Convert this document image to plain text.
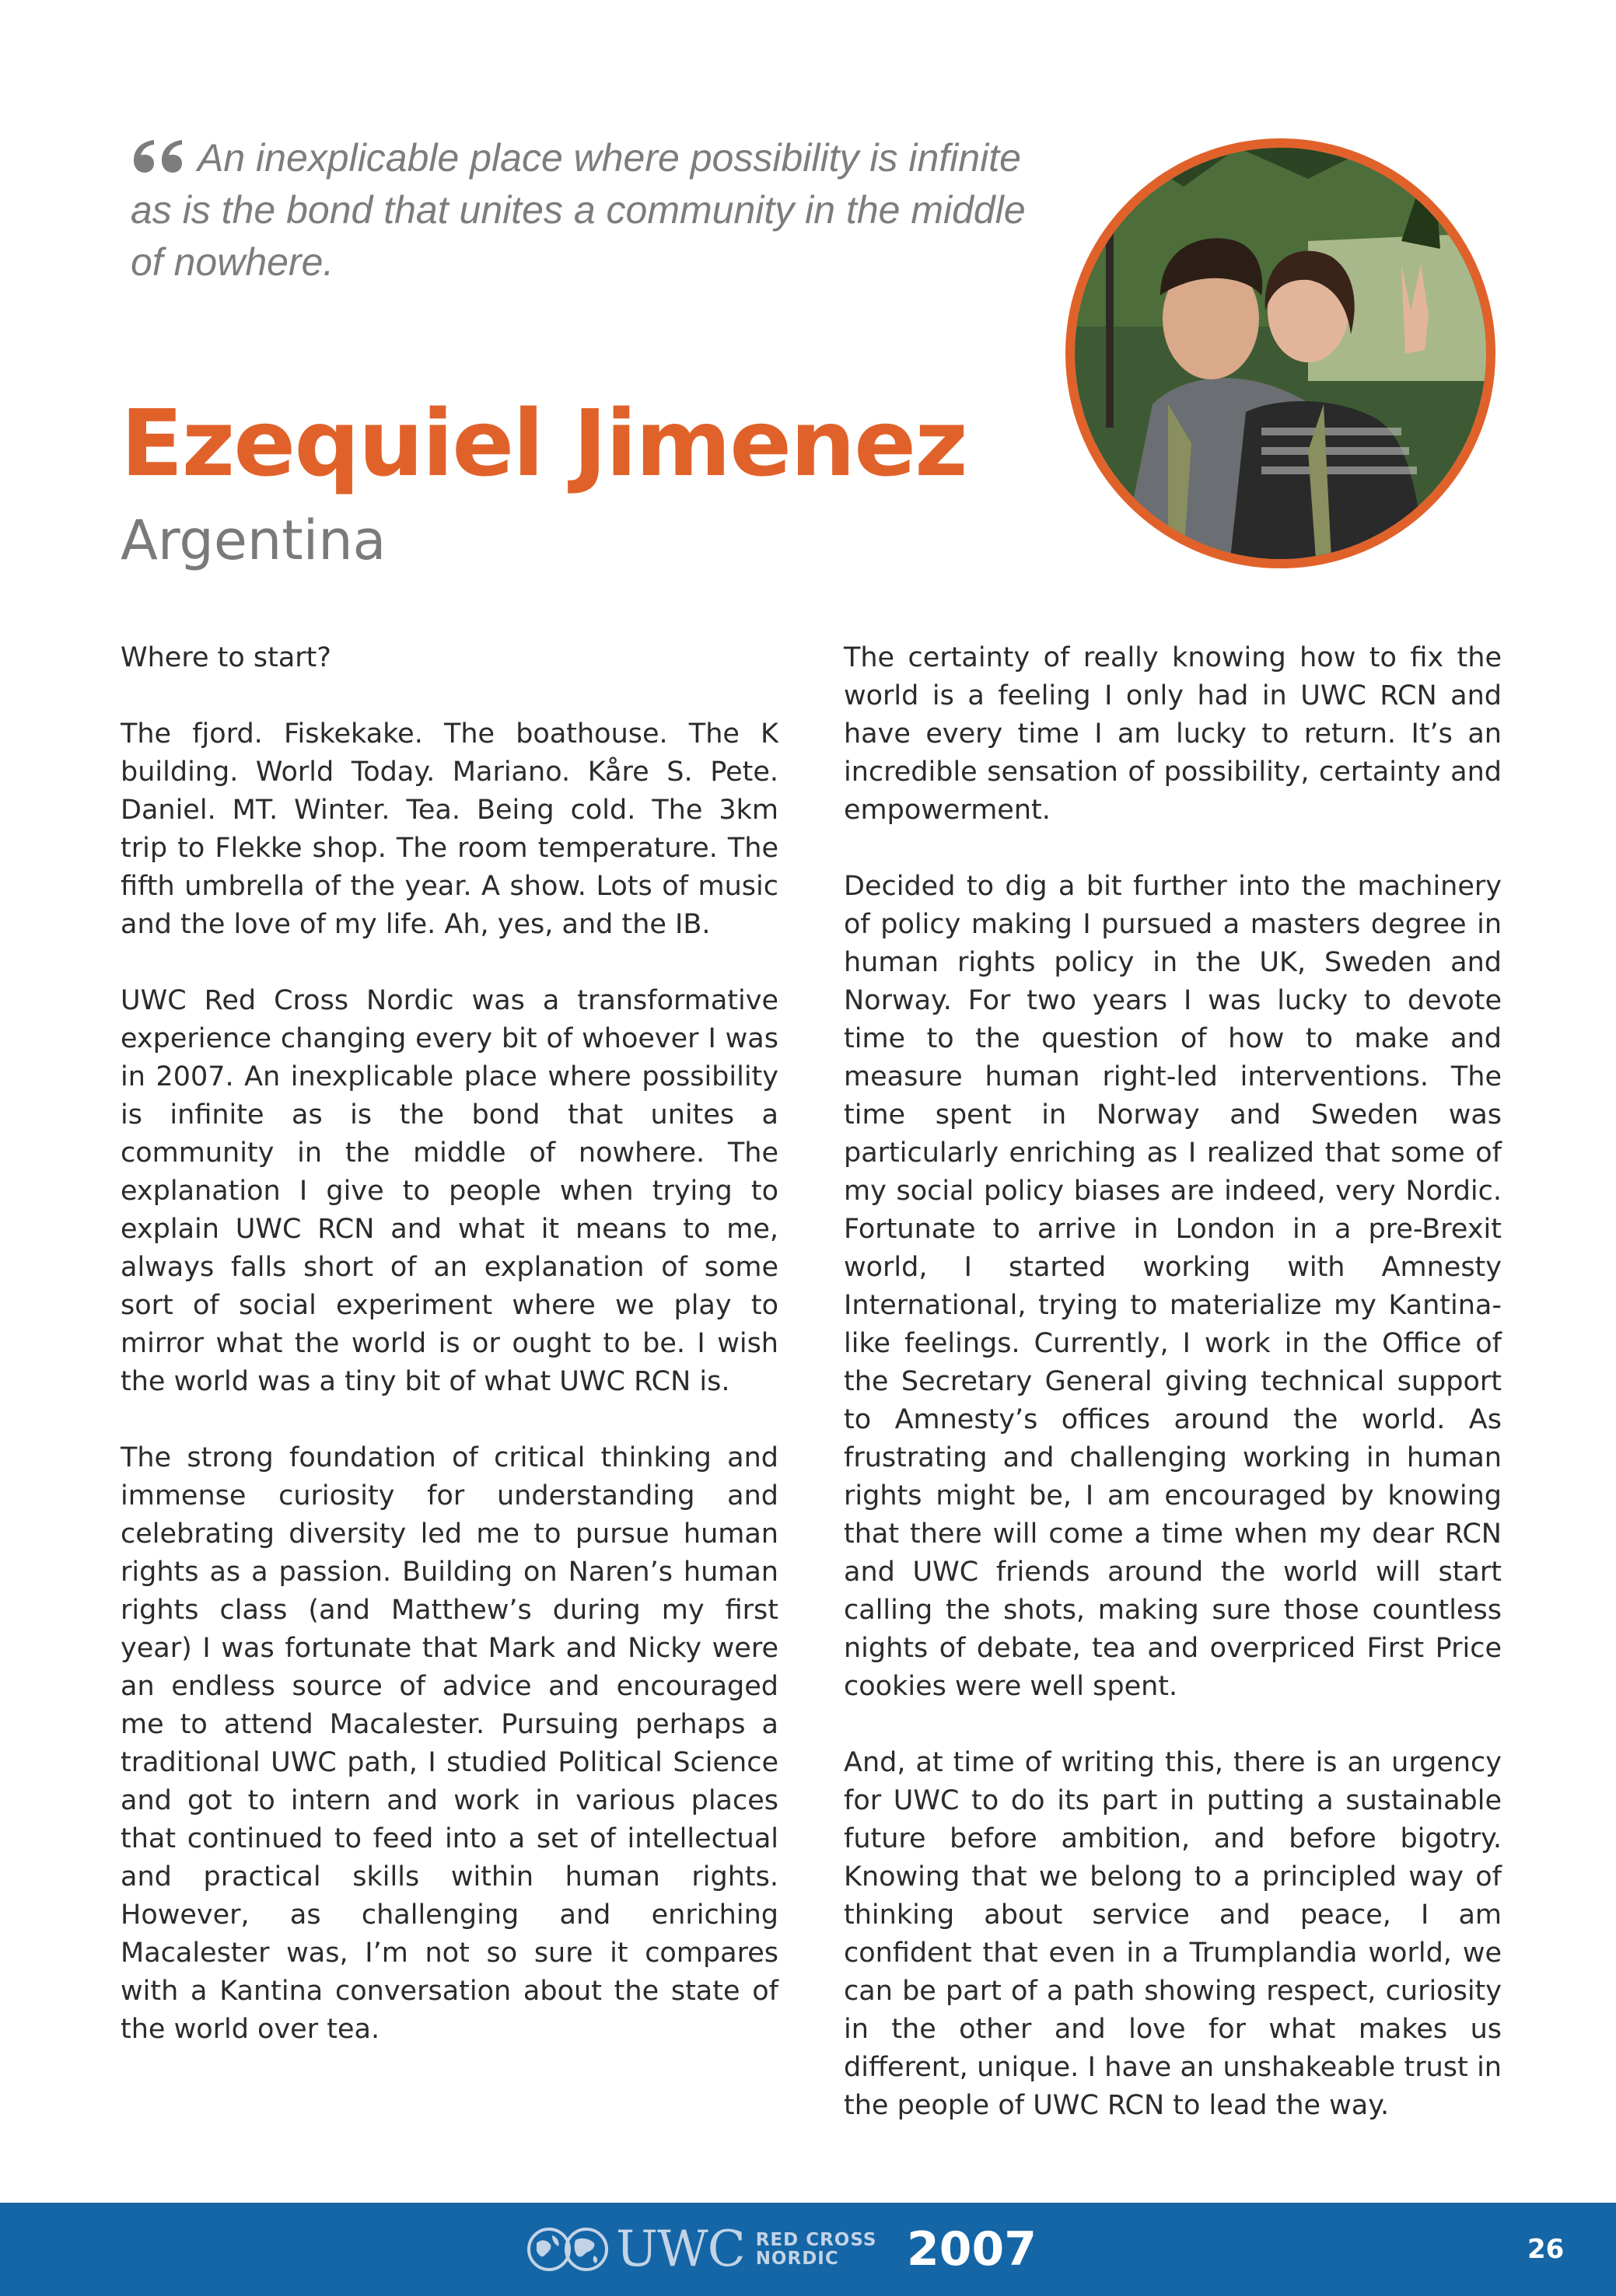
An inexplicable place where possibility is infinite as is the bond that unites a community in the middle of nowhere.
Ezequiel Jimenez
Argentina

Where to start?

The fjord. Fiskekake. The boathouse. The K building. World Today. Mariano. Kåre S. Pete. Daniel. MT. Winter. Tea. Being cold. The 3km trip to Flekke shop. The room temperature. The fifth umbrella of the year. A show. Lots of music and the love of my life. Ah, yes, and the IB.

UWC Red Cross Nordic was a transformative experience changing every bit of whoever I was in 2007. An inexplicable place where possibility is infinite as is the bond that unites a community in the middle of nowhere. The explanation I give to people when trying to explain UWC RCN and what it means to me, always falls short of an explanation of some sort of social experiment where we play to mirror what the world is or ought to be. I wish the world was a tiny bit of what UWC RCN is.

The strong foundation of critical thinking and immense curiosity for understanding and celebrating diversity led me to pursue human rights as a passion. Building on Naren’s human rights class (and Matthew’s during my first year) I was fortunate that Mark and Nicky were an endless source of advice and encouraged me to attend Macalester. Pursuing perhaps a traditional UWC path, I studied Political Science and got to intern and work in various places that continued to feed into a set of intellectual and practical skills within human rights. However, as challenging and enriching Macalester was, I’m not so sure it compares with a Kantina conversation about the state of the world over tea.

The certainty of really knowing how to fix the world is a feeling I only had in UWC RCN and have every time I am lucky to return. It’s an incredible sensation of possibility, certainty and empowerment.

Decided to dig a bit further into the machinery of policy making I pursued a masters degree in human rights policy in the UK, Sweden and Norway. For two years I was lucky to devote time to the question of how to make and measure human right-led interventions. The time spent in Norway and Sweden was particularly enriching as I realized that some of my social policy biases are indeed, very Nordic. Fortunate to arrive in London in a pre-Brexit world, I started working with Amnesty International, trying to materialize my Kantina-like feelings. Currently, I work in the Office of the Secretary General giving technical support to Amnesty’s offices around the world. As frustrating and challenging working in human rights might be, I am encouraged by knowing that there will come a time when my dear RCN and UWC friends around the world will start calling the shots, making sure those countless nights of debate, tea and overpriced First Price cookies were well spent.

And, at time of writing this, there is an urgency for UWC to do its part in putting a sustainable future before ambition, and before bigotry. Knowing that we belong to a principled way of thinking about service and peace, I am confident that even in a Trumplandia world, we can be part of a path showing respect, curiosity in the other and love for what makes us different, unique. I have an unshakeable trust in the people of UWC RCN to lead the way.

UWC RED CROSS
NORDIC	2007	26
